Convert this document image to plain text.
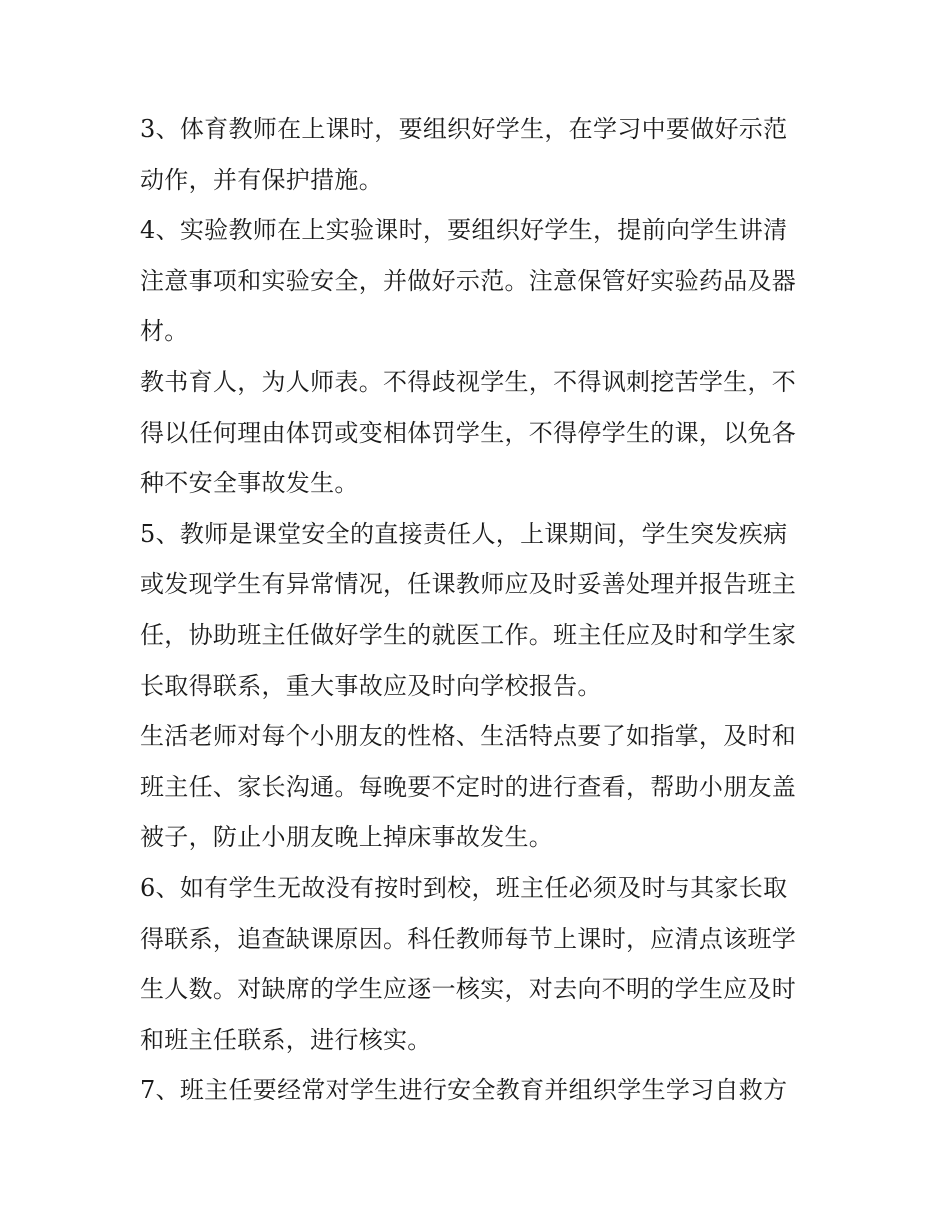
3、体育教师在上课时，要组织好学生，在学习中要做好示范
动作，并有保护措施。
4、实验教师在上实验课时，要组织好学生，提前向学生讲清
注意事项和实验安全，并做好示范。注意保管好实验药品及器
材。
教书育人，为人师表。不得歧视学生，不得讽刺挖苦学生，不
得以任何理由体罚或变相体罚学生，不得停学生的课，以免各
种不安全事故发生。
5、教师是课堂安全的直接责任人，上课期间，学生突发疾病
或发现学生有异常情况，任课教师应及时妥善处理并报告班主
任，协助班主任做好学生的就医工作。班主任应及时和学生家
长取得联系，重大事故应及时向学校报告。
生活老师对每个小朋友的性格、生活特点要了如指掌，及时和
班主任、家长沟通。每晚要不定时的进行查看，帮助小朋友盖
被子，防止小朋友晚上掉床事故发生。
6、如有学生无故没有按时到校，班主任必须及时与其家长取
得联系，追查缺课原因。科任教师每节上课时，应清点该班学
生人数。对缺席的学生应逐一核实，对去向不明的学生应及时
和班主任联系，进行核实。
7、班主任要经常对学生进行安全教育并组织学生学习自救方
